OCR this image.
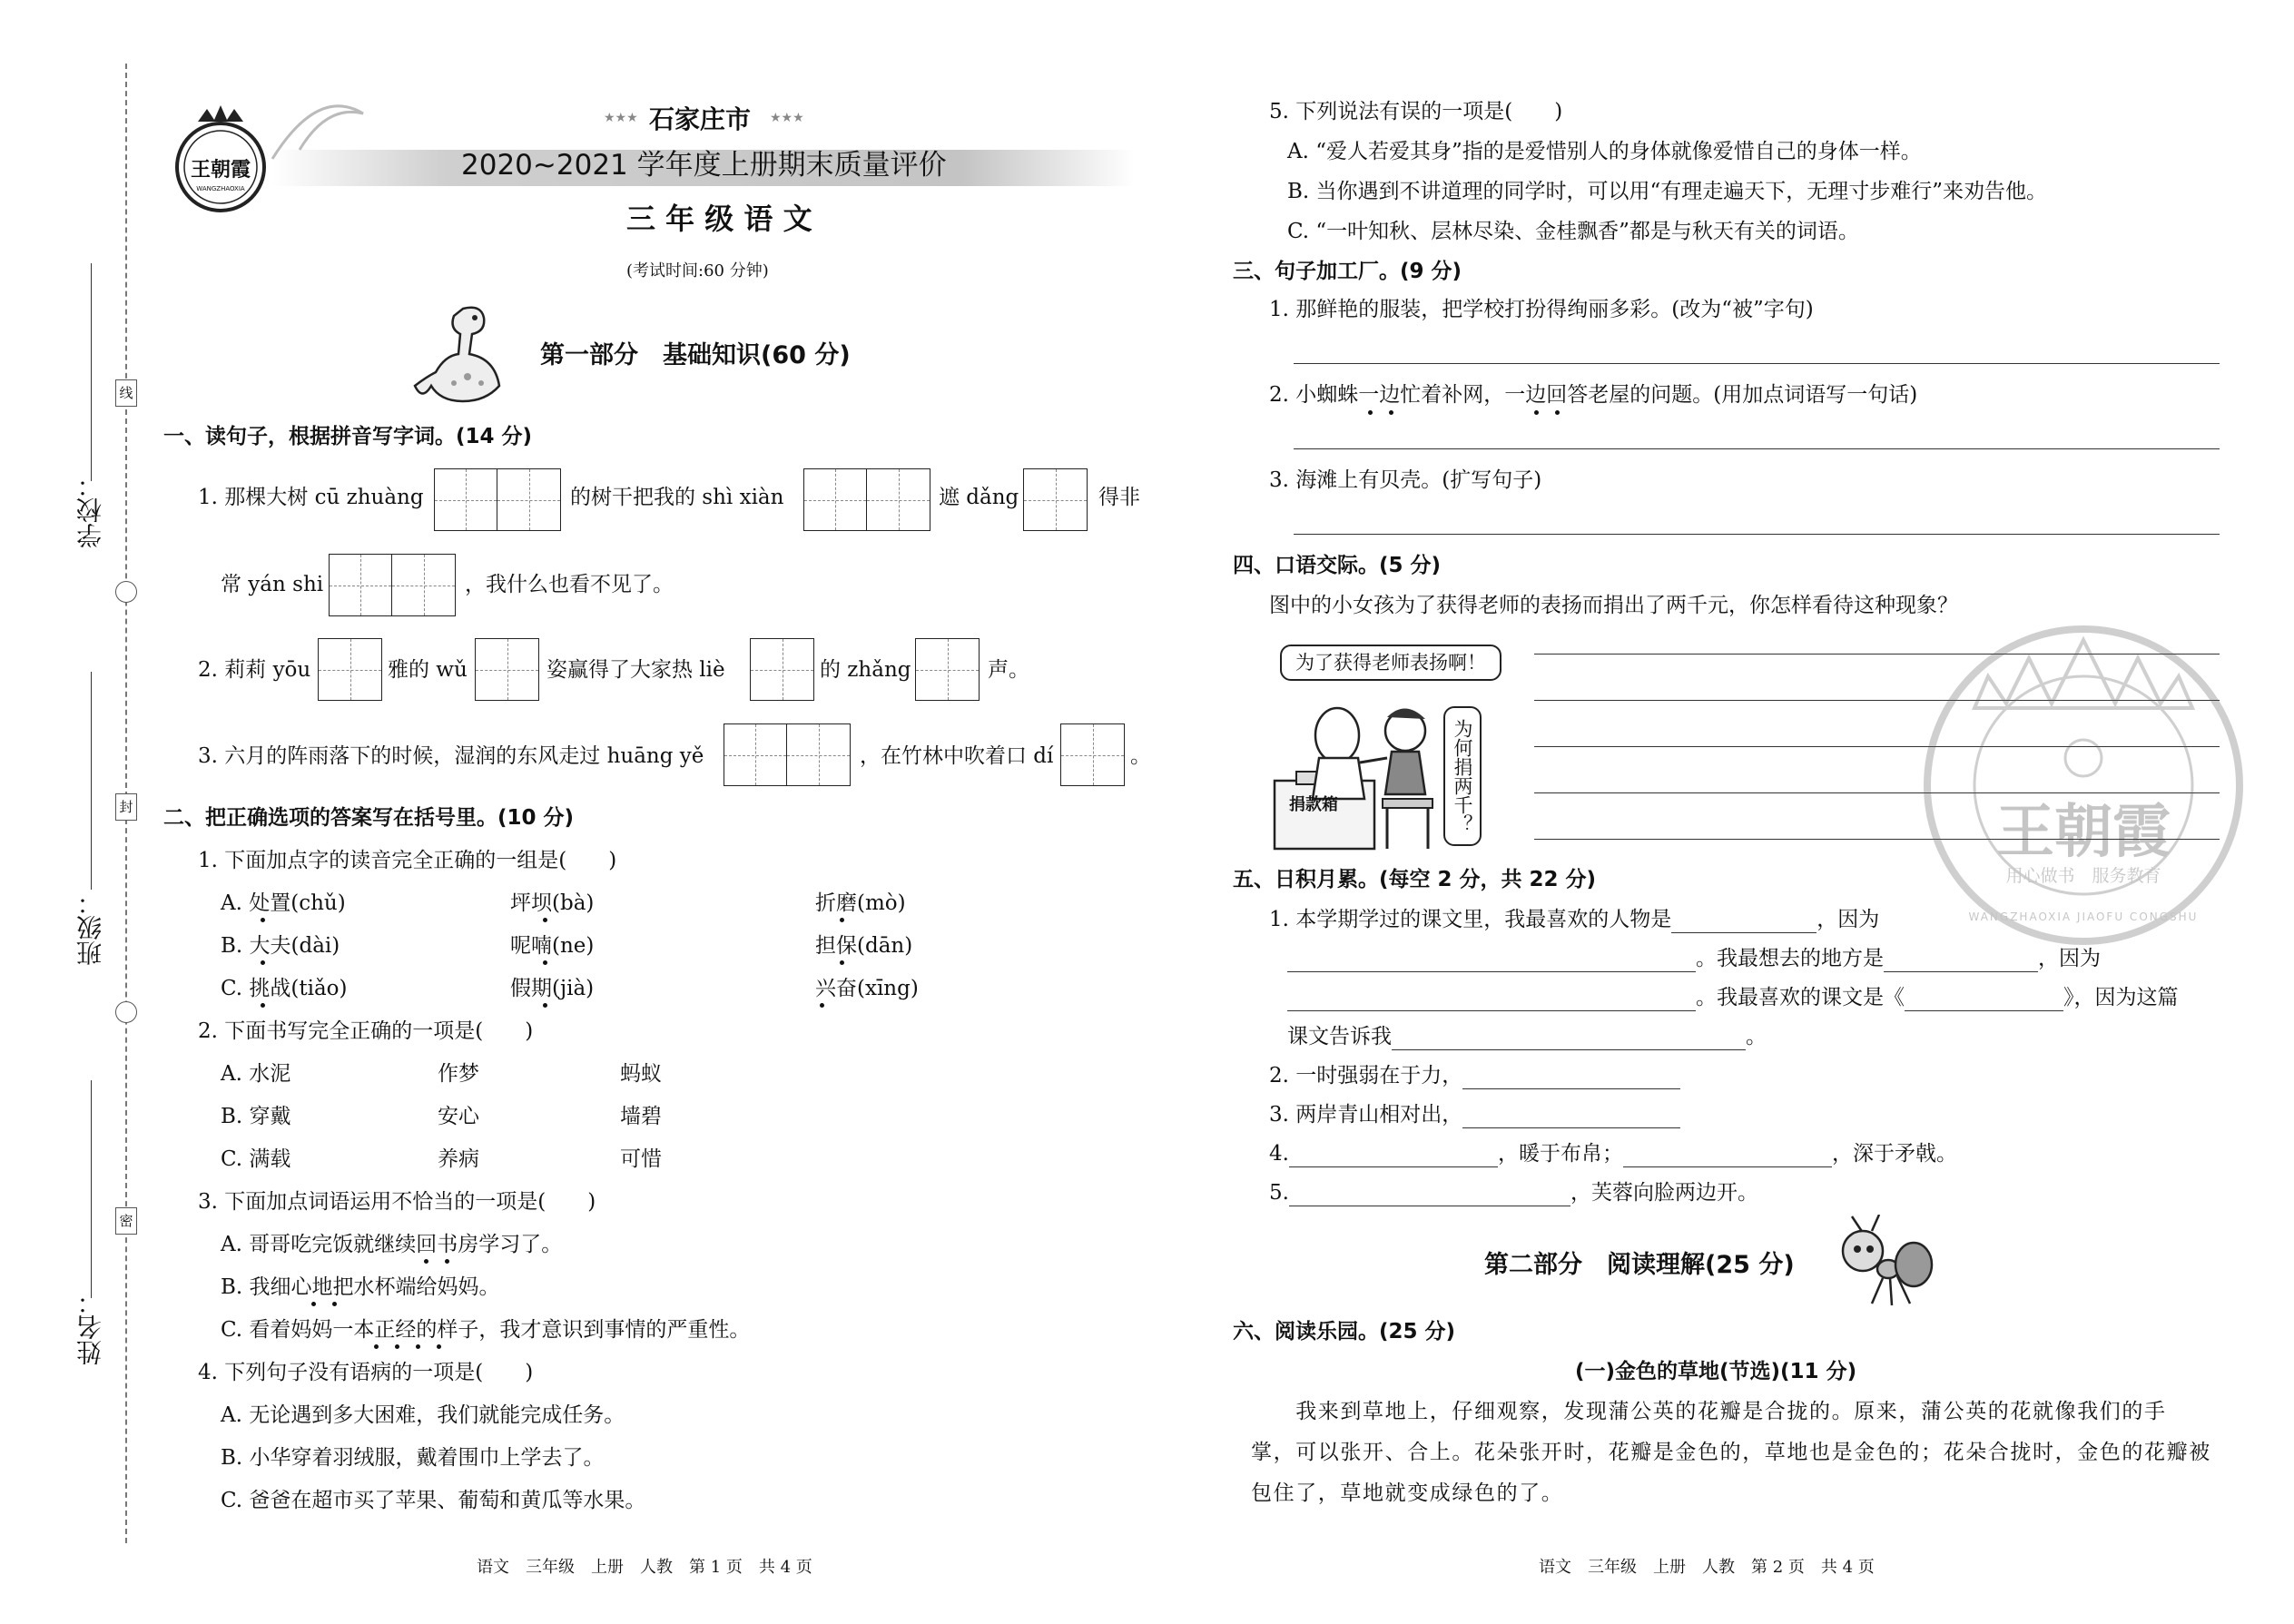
线
封
密
学校：
班级：
姓名：
王朝霞
WANGZHAOXIA
★★★ 石家庄市 ★★★
2020~2021 学年度上册期末质量评价
三 年 级 语 文
(考试时间:60 分钟)
第一部分　基础知识(60 分)
一、读句子，根据拼音写字词。(14 分)
1. 那棵大树 cū zhuàng	的树干把我的 shì xiàn	遮 dǎng	得非
常 yán shi	，我什么也看不见了。
2. 莉莉 yōu	雅的 wǔ	姿赢得了大家热 liè	的 zhǎng	声。
3. 六月的阵雨落下的时候，湿润的东风走过 huāng yě	，在竹林中吹着口 dí	。
二、把正确选项的答案写在括号里。(10 分)
1. 下面加点字的读音完全正确的一组是(　　)
A. 处置(chǔ)	坪坝(bà)	折磨(mò)
B. 大夫(dài)	呢喃(ne)	担保(dān)
C. 挑战(tiǎo)	假期(jià)	兴奋(xīng)
2. 下面书写完全正确的一项是(　　)
A. 水泥	作梦	蚂蚁
B. 穿戴	安心	墙碧
C. 满载	养病	可惜
3. 下面加点词语运用不恰当的一项是(　　)
A. 哥哥吃完饭就继续回书房学习了。
B. 我细心地把水杯端给妈妈。
C. 看着妈妈一本正经的样子，我才意识到事情的严重性。
4. 下列句子没有语病的一项是(　　)
A. 无论遇到多大困难，我们就能完成任务。
B. 小华穿着羽绒服，戴着围巾上学去了。
C. 爸爸在超市买了苹果、葡萄和黄瓜等水果。
语文　三年级　上册　人教　第 1 页　共 4 页
5. 下列说法有误的一项是(　　)
A. “爱人若爱其身”指的是爱惜别人的身体就像爱惜自己的身体一样。
B. 当你遇到不讲道理的同学时，可以用“有理走遍天下，无理寸步难行”来劝告他。
C. “一叶知秋、层林尽染、金桂飘香”都是与秋天有关的词语。
三、句子加工厂。(9 分)
1. 那鲜艳的服装，把学校打扮得绚丽多彩。(改为“被”字句)
2. 小蜘蛛一边忙着补网，一边回答老屋的问题。(用加点词语写一句话)
3. 海滩上有贝壳。(扩写句子)
四、口语交际。(5 分)
图中的小女孩为了获得老师的表扬而捐出了两千元，你怎样看待这种现象？
为了获得老师表扬啊！
为何捐两千？
捐款箱
五、日积月累。(每空 2 分，共 22 分)
1. 本学期学过的课文里，我最喜欢的人物是	，因为
。我最想去的地方是	，因为
。我最喜欢的课文是《	》，因为这篇
课文告诉我	。
2. 一时强弱在于力，
3. 两岸青山相对出，
4.	，暖于布帛；	，深于矛戟。
5.	，芙蓉向脸两边开。
第二部分　阅读理解(25 分)
六、阅读乐园。(25 分)
(一)金色的草地(节选)(11 分)
　　我来到草地上，仔细观察，发现蒲公英的花瓣是合拢的。原来，蒲公英的花就像我们的手
掌，可以张开、合上。花朵张开时，花瓣是金色的，草地也是金色的；花朵合拢时，金色的花瓣被
包住了，草地就变成绿色的了。
语文　三年级　上册　人教　第 2 页　共 4 页
王朝霞
用心做书　服务教育
WANGZHAOXIA JIAOFU CONGSHU
